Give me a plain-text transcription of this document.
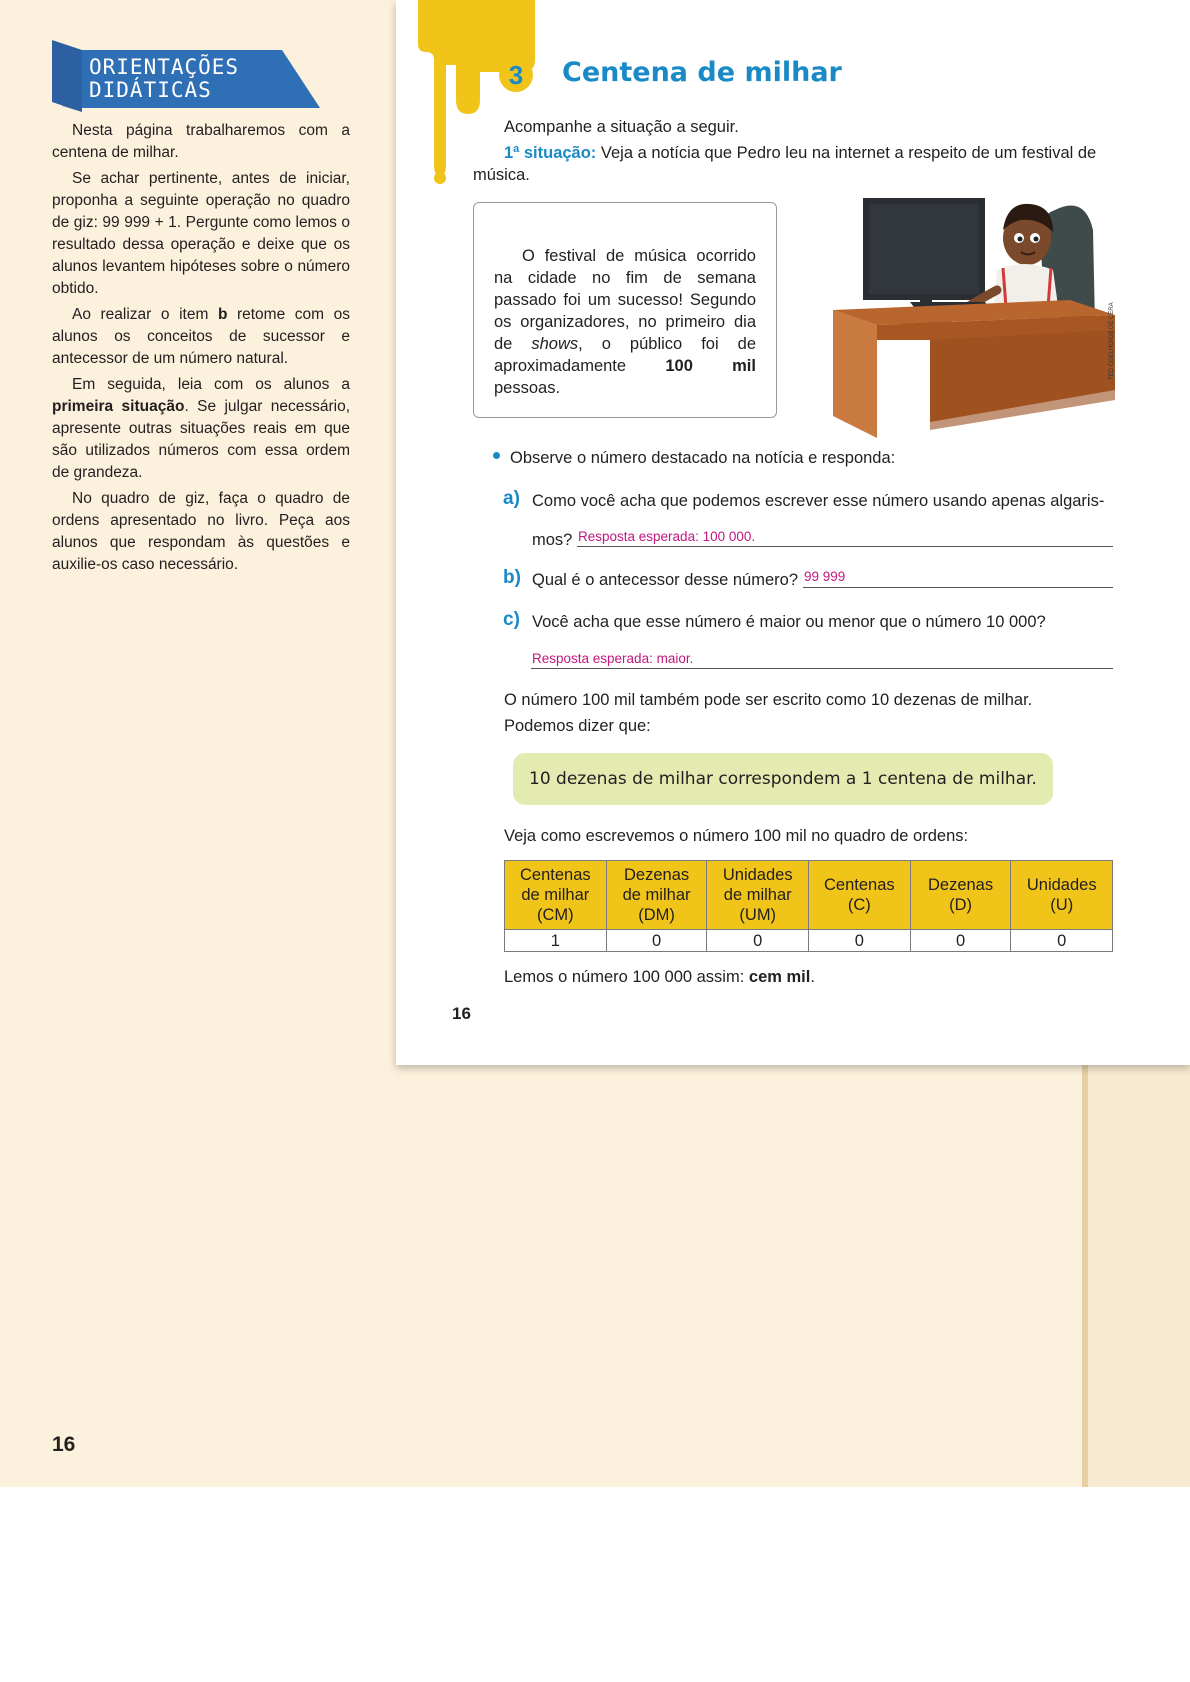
ORIENTAÇÕES
DIDÁTICAS

Nesta página trabalharemos com a centena de milhar.

Se achar pertinente, antes de iniciar, proponha a seguinte operação no quadro de giz: 99 999 + 1. Pergunte como lemos o resultado dessa operação e deixe que os alunos levantem hipóteses sobre o número obtido.

Ao realizar o item b retome com os alunos os conceitos de sucessor e antecessor de um número natural.

Em seguida, leia com os alunos a primeira situação. Se julgar necessário, apresente outras situações reais em que são utilizados números com essa ordem de grandeza.

No quadro de giz, faça o quadro de ordens apresentado no livro. Peça aos alunos que respondam às questões e auxilie-os caso necessário.

16
3	Centena de milhar
Acompanhe a situação a seguir.
1ª situação: Veja a notícia que Pedro leu na internet a respeito de um festival de
música.
O festival de música ocorrido na cidade no fim de semana passado foi um sucesso! Segundo os organizadores, no primeiro dia de shows, o público foi de aproximadamente 100 mil pessoas.
TED COELHO/GB DE CERA
Observe o número destacado na notícia e responda:
a) Como você acha que podemos escrever esse número usando apenas algaris-
mos? Resposta esperada: 100 000.
b) Qual é o antecessor desse número? 99 999
c) Você acha que esse número é maior ou menor que o número 10 000?
Resposta esperada: maior.
O número 100 mil também pode ser escrito como 10 dezenas de milhar.
Podemos dizer que:
10 dezenas de milhar correspondem a 1 centena de milhar.
Veja como escrevemos o número 100 mil no quadro de ordens:
Centenas
de milhar
(CM)	Dezenas
de milhar
(DM)	Unidades
de milhar
(UM)	Centenas
(C)	Dezenas
(D)	Unidades
(U)
1	0	0	0	0	0
Lemos o número 100 000 assim: cem mil.
16
